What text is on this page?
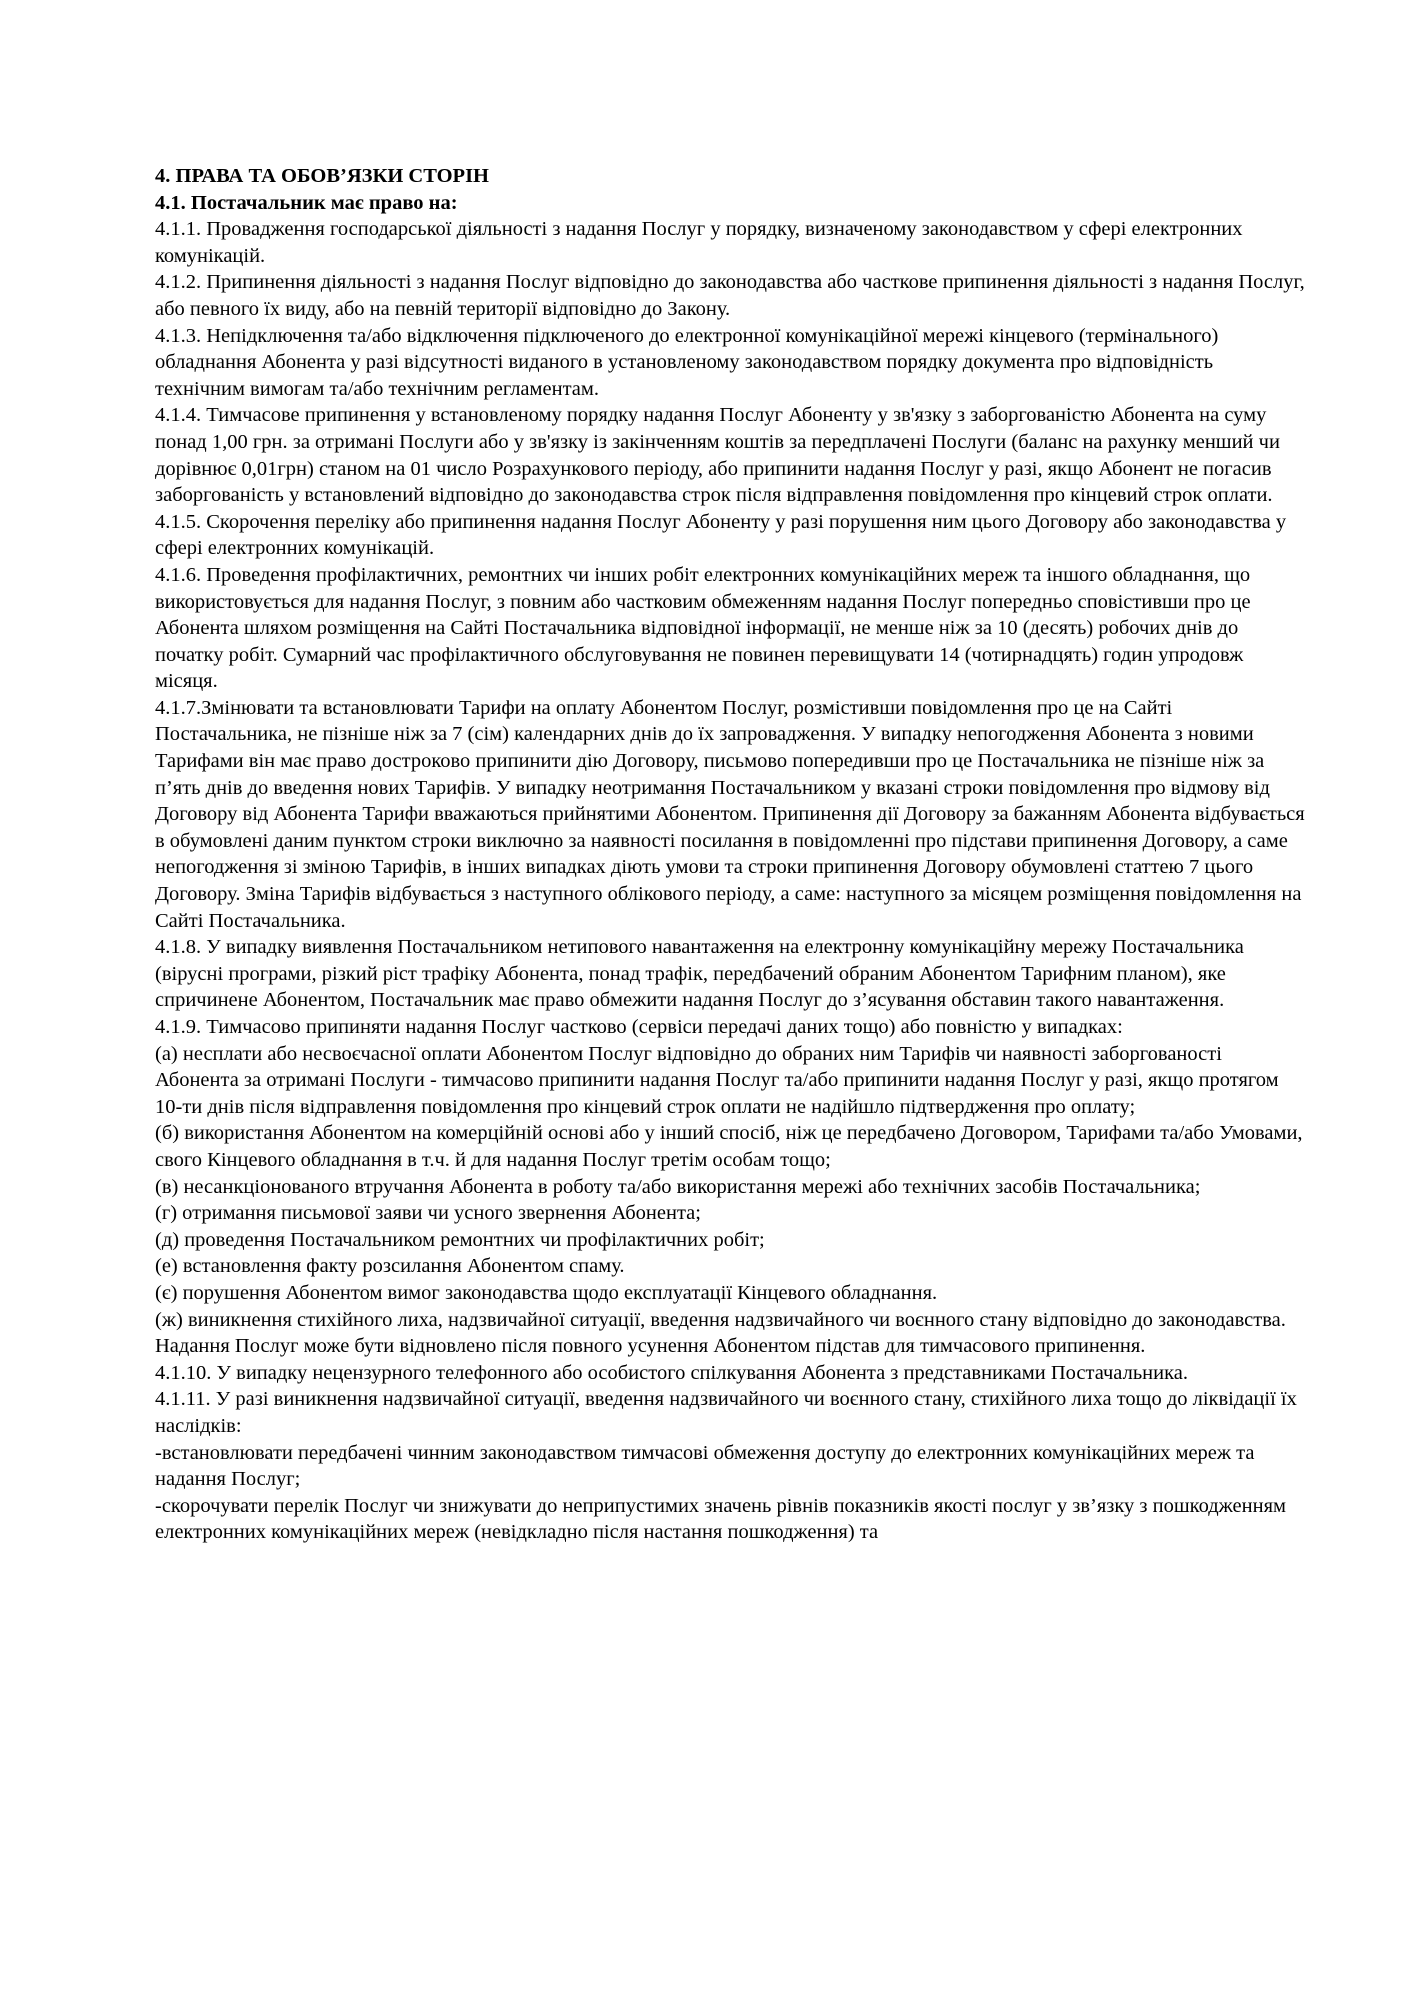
4. ПРАВА ТА ОБОВ’ЯЗКИ СТОРІН

4.1. Постачальник має право на:

4.1.1. Провадження господарської діяльності з надання Послуг у порядку, визначеному законодавством у сфері електронних комунікацій.

4.1.2. Припинення діяльності з надання Послуг відповідно до законодавства або часткове припинення діяльності з надання Послуг, або певного їх виду, або на певній території відповідно до Закону.

4.1.3. Непідключення та/або відключення підключеного до електронної комунікаційної мережі кінцевого (термінального) обладнання Абонента у разі відсутності виданого в установленому законодавством порядку документа про відповідність технічним вимогам та/або технічним регламентам.

4.1.4. Тимчасове припинення у встановленому порядку надання Послуг Абоненту у зв'язку з заборгованістю Абонента на суму понад 1,00 грн. за отримані Послуги або у зв'язку із закінченням коштів за передплачені Послуги (баланс на рахунку менший чи дорівнює 0,01грн) станом на 01 число Розрахункового періоду, або припинити надання Послуг у разі, якщо Абонент не погасив заборгованість у встановлений відповідно до законодавства строк після відправлення повідомлення про кінцевий строк оплати.

4.1.5. Скорочення переліку або припинення надання Послуг Абоненту у разі порушення ним цього Договору або законодавства у сфері електронних комунікацій.

4.1.6. Проведення профілактичних, ремонтних чи інших робіт електронних комунікаційних мереж та іншого обладнання, що використовується для надання Послуг, з повним або частковим обмеженням надання Послуг попередньо сповістивши про це Абонента шляхом розміщення на Сайті Постачальника відповідної інформації, не менше ніж за 10 (десять) робочих днів до початку робіт. Сумарний час профілактичного обслуговування не повинен перевищувати 14 (чотирнадцять) годин упродовж місяця.

4.1.7.Змінювати та встановлювати Тарифи на оплату Абонентом Послуг, розмістивши повідомлення про це на Сайті Постачальника, не пізніше ніж за 7 (сім) календарних днів до їх запровадження. У випадку непогодження Абонента з новими Тарифами він має право достроково припинити дію Договору, письмово попередивши про це Постачальника не пізніше ніж за п’ять днів до введення нових Тарифів. У випадку неотримання Постачальником у вказані строки повідомлення про відмову від Договору від Абонента Тарифи вважаються прийнятими Абонентом. Припинення дії Договору за бажанням Абонента відбувається в обумовлені даним пунктом строки виключно за наявності посилання в повідомленні про підстави припинення Договору, а саме непогодження зі зміною Тарифів, в інших випадках діють умови та строки припинення Договору обумовлені статтею 7 цього Договору. Зміна Тарифів відбувається з наступного облікового періоду, а саме: наступного за місяцем розміщення повідомлення на Сайті Постачальника.

4.1.8. У випадку виявлення Постачальником нетипового навантаження на електронну комунікаційну мережу Постачальника (вірусні програми, різкий ріст трафіку Абонента, понад трафік, передбачений обраним Абонентом Тарифним планом), яке спричинене Абонентом, Постачальник має право обмежити надання Послуг до з’ясування обставин такого навантаження.

4.1.9. Тимчасово припиняти надання Послуг частково (сервіси передачі даних тощо) або повністю у випадках:

(а) несплати або несвоєчасної оплати Абонентом Послуг відповідно до обраних ним Тарифів чи наявності заборгованості Абонента за отримані Послуги - тимчасово припинити надання Послуг та/або припинити надання Послуг у разі, якщо протягом 10-ти днів після відправлення повідомлення про кінцевий строк оплати не надійшло підтвердження про оплату;

(б) використання Абонентом на комерційній основі або у інший спосіб, ніж це передбачено Договором, Тарифами та/або Умовами, свого Кінцевого обладнання в т.ч. й для надання Послуг третім особам тощо;

(в) несанкціонованого втручання Абонента в роботу та/або використання мережі або технічних засобів Постачальника;

(г) отримання письмової заяви чи усного звернення Абонента;

(д) проведення Постачальником ремонтних чи профілактичних робіт;

(е) встановлення факту розсилання Абонентом спаму.

(є) порушення Абонентом вимог законодавства щодо експлуатації Кінцевого обладнання.

(ж) виникнення стихійного лиха, надзвичайної ситуації, введення надзвичайного чи воєнного стану відповідно до законодавства.

Надання Послуг може бути відновлено після повного усунення Абонентом підстав для тимчасового припинення.

4.1.10. У випадку нецензурного телефонного або особистого спілкування Абонента з представниками Постачальника.

4.1.11. У разі виникнення надзвичайної ситуації, введення надзвичайного чи воєнного стану, стихійного лиха тощо до ліквідації їх наслідків:

-встановлювати передбачені чинним законодавством тимчасові обмеження доступу до електронних комунікаційних мереж та надання Послуг;

-скорочувати перелік Послуг чи знижувати до неприпустимих значень рівнів показників якості послуг у зв’язку з пошкодженням електронних комунікаційних мереж (невідкладно після настання пошкодження) та
